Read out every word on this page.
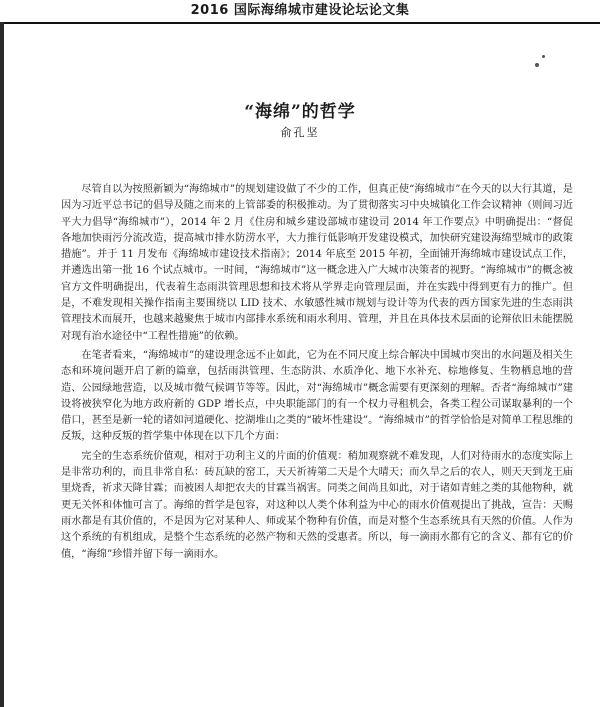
2016 国际海绵城市建设论坛论文集
“海绵”的哲学
俞孔坚

尽管自以为按照新颖为“海绵城市”的规划建设做了不少的工作，但真正使“海绵城市”在今天的以大行其道，是因为习近平总书记的倡导及随之而来的上管部委的积极推动。为了贯彻落实习中央城镇化工作会议精神（则间习近平大力倡导“海绵城市”），2014 年 2 月《住房和城乡建设部城市建设司 2014 年工作要点》中明确提出：“督促各地加快雨污分流改造，提高城市排水防涝水平，大力推行低影响开发建设模式，加快研究建设海绵型城市的政策措施”。并于 11 月发布《海绵城市建设技术指南》；2014 年底至 2015 年初，全面铺开海绵城市建设试点工作，并遴选出第一批 16 个试点城市。一时间，“海绵城市”这一概念进入广大城市决策者的视野。“海绵城市”的概念被官方文件明确提出，代表着生态雨洪管理思想和技术将从学界走向管理层面，并在实践中得到更有力的推广。但是，不难发现相关操作指南主要围绕以 LID 技术、水敏感性城市规划与设计等为代表的西方国家先进的生态雨洪管理技术而展开，也越来越聚焦于城市内部排水系统和雨水利用、管理，并且在具体技术层面的论辩依旧未能摆脱对现有治水途径中“工程性措施”的依赖。

在笔者看来，“海绵城市”的建设理念远不止如此，它为在不同尺度上综合解决中国城市突出的水问题及相关生态和环境问题开启了新的篇章，包括雨洪管理、生态防洪、水质净化、地下水补充、棕地修复、生物栖息地的营造、公园绿地营造，以及城市微气候调节等等。因此，对“海绵城市”概念需要有更深刻的理解。否者“海绵城市”建设将被狭窄化为地方政府新的 GDP 增长点，中央职能部门的有一个权力寻租机会，各类工程公司谋取暴利的一个借口，甚至是新一轮的诸如河道硬化、挖湖堆山之类的“破坏性建设”。“海绵城市”的哲学恰恰是对简单工程思维的反叛，这种反叛的哲学集中体现在以下几个方面：

完全的生态系统价值观，相对于功利主义的片面的价值观：稍加观察就不难发现，人们对待雨水的态度实际上是非常功利的，而且非常自私：砖瓦缺的窑工，天天祈祷第二天是个大晴天；而久旱之后的农人，则天天到龙王庙里烧香，祈求天降甘霖；而被困人却把农夫的甘霖当祸害。同类之间尚且如此，对于诸如青蛙之类的其他物种，就更无关怀和体恤可言了。海绵的哲学是包容，对这种以人类个体利益为中心的雨水价值观提出了挑战，宣告：天赐雨水都是有其价值的，不是因为它对某种人、师或某个物种有价值，而是对整个生态系统具有天然的价值。人作为这个系统的有机组成，是整个生态系统的必然产物和天然的受惠者。所以，每一滴雨水都有它的含义、都有它的价值，“海绵”珍惜并留下每一滴雨水。
